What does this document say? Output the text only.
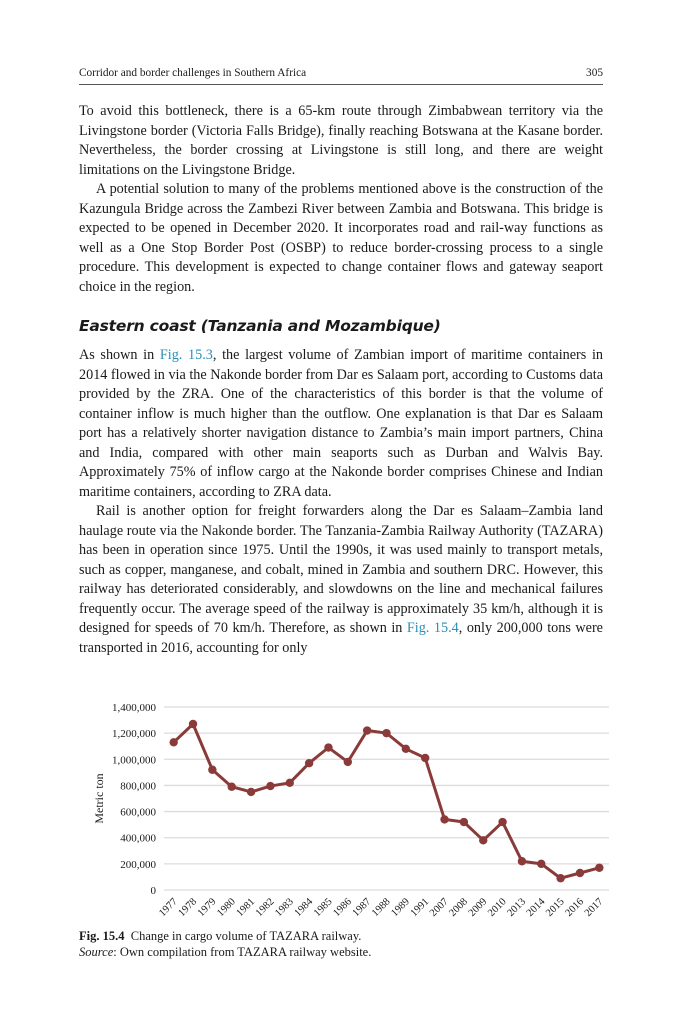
Corridor and border challenges in Southern Africa	305

To avoid this bottleneck, there is a 65-km route through Zimbabwean territory via the Livingstone border (Victoria Falls Bridge), finally reaching Botswana at the Kasane border. Nevertheless, the border crossing at Livingstone is still long, and there are weight limitations on the Livingstone Bridge.

A potential solution to many of the problems mentioned above is the construction of the Kazungula Bridge across the Zambezi River between Zambia and Botswana. This bridge is expected to be opened in December 2020. It incorporates road and rail-way functions as well as a One Stop Border Post (OSBP) to reduce border-crossing process to a single procedure. This development is expected to change container flows and gateway seaport choice in the region.

Eastern coast (Tanzania and Mozambique)

As shown in Fig. 15.3, the largest volume of Zambian import of maritime containers in 2014 flowed in via the Nakonde border from Dar es Salaam port, according to Customs data provided by the ZRA. One of the characteristics of this border is that the volume of container inflow is much higher than the outflow. One explanation is that Dar es Salaam port has a relatively shorter navigation distance to Zambia’s main import partners, China and India, compared with other main seaports such as Durban and Walvis Bay. Approximately 75% of inflow cargo at the Nakonde border comprises Chinese and Indian maritime containers, according to ZRA data.

Rail is another option for freight forwarders along the Dar es Salaam–Zambia land haulage route via the Nakonde border. The Tanzania-Zambia Railway Authority (TAZARA) has been in operation since 1975. Until the 1990s, it was used mainly to transport metals, such as copper, manganese, and cobalt, mined in Zambia and southern DRC. However, this railway has deteriorated considerably, and slowdowns on the line and mechanical failures frequently occur. The average speed of the railway is approximately 35 km/h, although it is designed for speeds of 70 km/h. Therefore, as shown in Fig. 15.4, only 200,000 tons were transported in 2016, accounting for only

0
200,000
400,000
600,000
800,000
1,000,000
1,200,000
1,400,000
Metric ton
1977
1978
1979
1980
1981
1982
1983
1984
1985
1986
1987
1988
1989
1991
2007
2008
2009
2010
2013
2014
2015
2016
2017
Fig. 15.4 Change in cargo volume of TAZARA railway.
Source: Own compilation from TAZARA railway website.
